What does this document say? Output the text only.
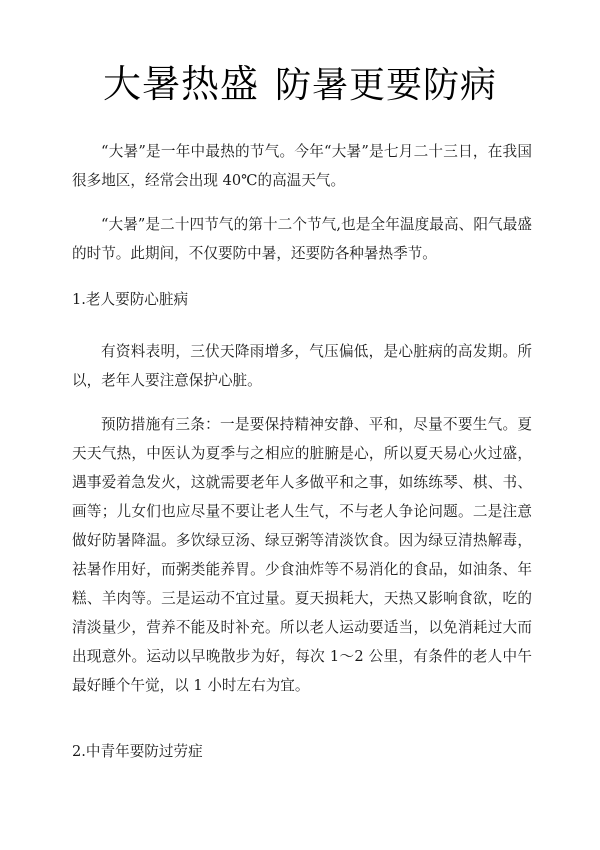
大暑热盛 防暑更要防病

“大暑”是一年中最热的节气。今年“大暑”是七月二十三日，在我国很多地区，经常会出现 40℃的高温天气。

“大暑”是二十四节气的第十二个节气,也是全年温度最高、阳气最盛的时节。此期间，不仅要防中暑，还要防各种暑热季节。

1.老人要防心脏病

有资料表明，三伏天降雨增多，气压偏低，是心脏病的高发期。所以，老年人要注意保护心脏。

预防措施有三条：一是要保持精神安静、平和，尽量不要生气。夏天天气热，中医认为夏季与之相应的脏腑是心，所以夏天易心火过盛，遇事爱着急发火，这就需要老年人多做平和之事，如练练琴、棋、书、画等；儿女们也应尽量不要让老人生气，不与老人争论问题。二是注意做好防暑降温。多饮绿豆汤、绿豆粥等清淡饮食。因为绿豆清热解毒，祛暑作用好，而粥类能养胃。少食油炸等不易消化的食品，如油条、年糕、羊肉等。三是运动不宜过量。夏天损耗大，天热又影响食欲，吃的清淡量少，营养不能及时补充。所以老人运动要适当，以免消耗过大而出现意外。运动以早晚散步为好，每次 1～2 公里，有条件的老人中午最好睡个午觉，以 1 小时左右为宜。

2.中青年要防过劳症
